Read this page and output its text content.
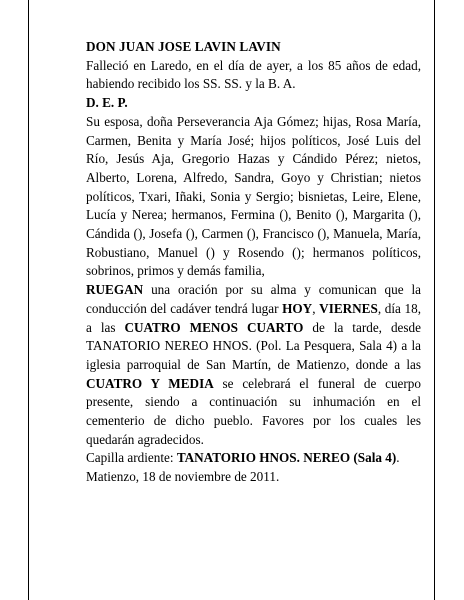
DON JUAN JOSE LAVIN LAVIN

Falleció en Laredo, en el día de ayer, a los 85 años de edad, habiendo recibido los SS. SS. y la B. A.

D. E. P.

Su esposa, doña Perseverancia Aja Gómez; hijas, Rosa María, Carmen, Benita y María José; hijos políticos, José Luis del Río, Jesús Aja, Gregorio Hazas y Cándido Pérez; nietos, Alberto, Lorena, Alfredo, Sandra, Goyo y Christian; nietos políticos, Txari, Iñaki, Sonia y Sergio; bisnietas, Leire, Elene, Lucía y Nerea; hermanos, Fermina (), Benito (), Margarita (), Cándida (), Josefa (), Carmen (), Francisco (), Manuela, María, Robustiano, Manuel () y Rosendo (); hermanos políticos, sobrinos, primos y demás familia,

RUEGAN una oración por su alma y comunican que la conducción del cadáver tendrá lugar HOY, VIERNES, día 18, a las CUATRO MENOS CUARTO de la tarde, desde TANATORIO NEREO HNOS. (Pol. La Pesquera, Sala 4) a la iglesia parroquial de San Martín, de Matienzo, donde a las CUATRO Y MEDIA se celebrará el funeral de cuerpo presente, siendo a continuación su inhumación en el cementerio de dicho pueblo. Favores por los cuales les quedarán agradecidos.

Capilla ardiente: TANATORIO HNOS. NEREO (Sala 4).

Matienzo, 18 de noviembre de 2011.
